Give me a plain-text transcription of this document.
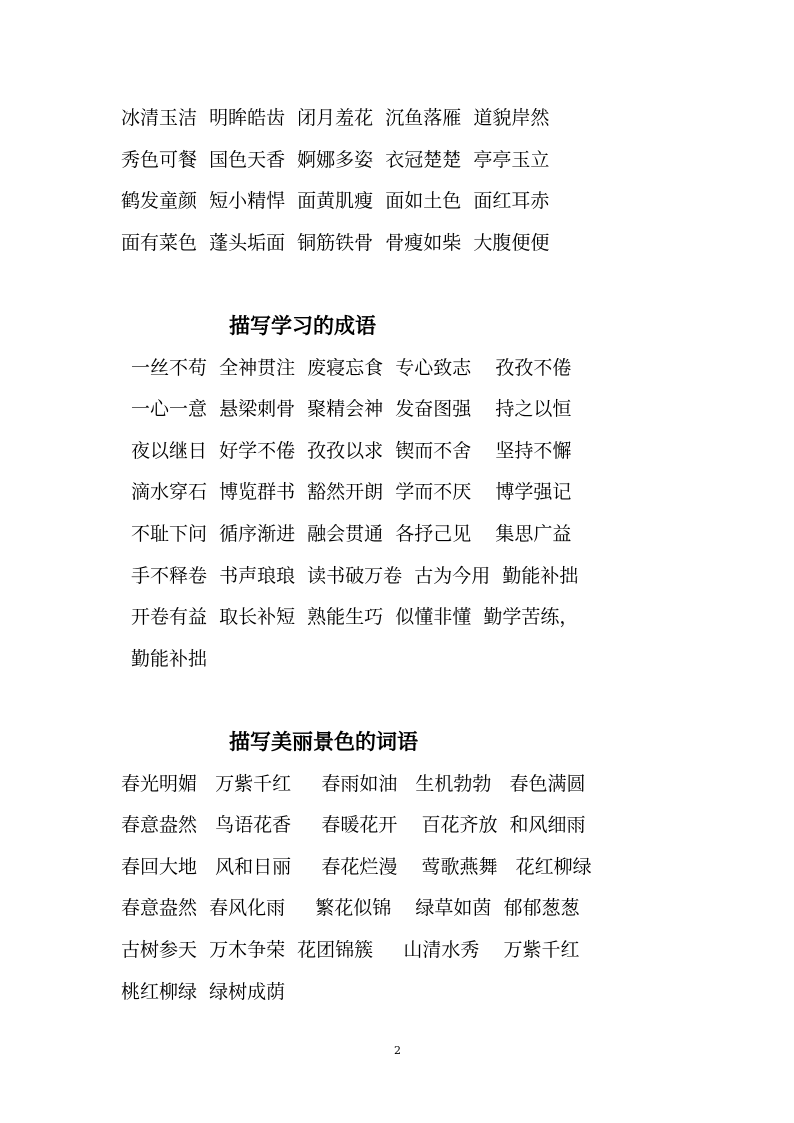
冰清玉洁  明眸皓齿  闭月羞花  沉鱼落雁  道貌岸然
秀色可餐  国色天香  婀娜多姿  衣冠楚楚  亭亭玉立
鹤发童颜  短小精悍  面黄肌瘦  面如土色  面红耳赤
面有菜色  蓬头垢面  铜筋铁骨  骨瘦如柴  大腹便便
描写学习的成语
一丝不苟  全神贯注  废寝忘食  专心致志    孜孜不倦
一心一意  悬梁刺骨  聚精会神  发奋图强    持之以恒
夜以继日  好学不倦  孜孜以求  锲而不舍    坚持不懈
滴水穿石  博览群书  豁然开朗  学而不厌    博学强记
不耻下问  循序渐进  融会贯通  各抒己见    集思广益
手不释卷  书声琅琅  读书破万卷  古为今用  勤能补拙
开卷有益  取长补短  熟能生巧  似懂非懂  勤学苦练，
勤能补拙
描写美丽景色的词语
春光明媚   万紫千红     春雨如油   生机勃勃   春色满圆
春意盎然   鸟语花香     春暖花开    百花齐放  和风细雨
春回大地   风和日丽     春花烂漫    莺歌燕舞   花红柳绿
春意盎然  春风化雨     繁花似锦    绿草如茵  郁郁葱葱
古树参天  万木争荣  花团锦簇     山清水秀    万紫千红
桃红柳绿  绿树成荫
2
